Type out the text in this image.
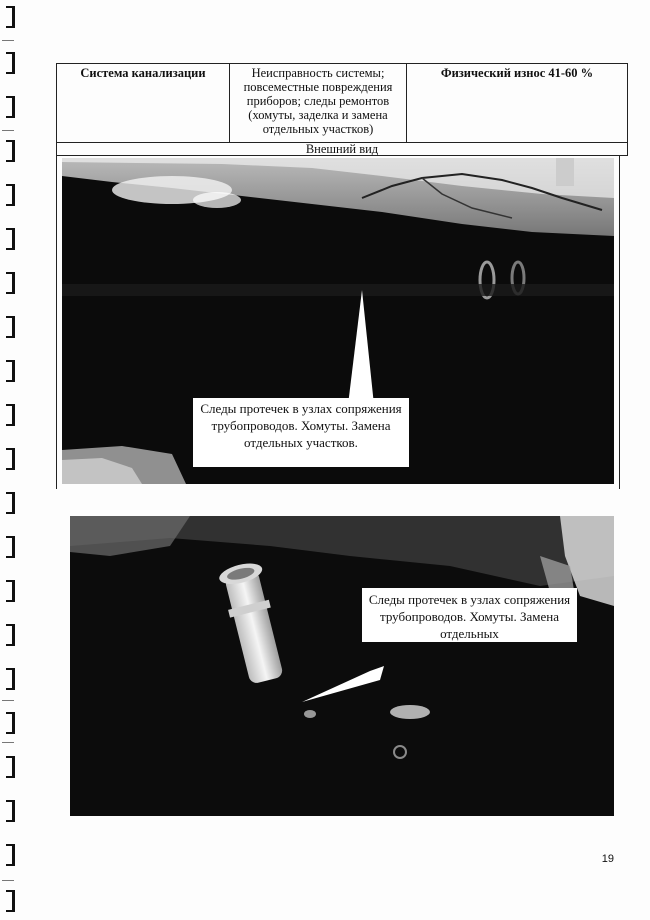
Система канализации	Неисправность системы; повсеместные повреждения приборов; следы ремонтов (хомуты, заделка и замена отдельных участков)	Физический износ 41-60 %
Внешний вид
Следы протечек в узлах сопряжения трубопроводов. Хомуты. Замена отдельных участков.
Следы протечек в узлах сопряжения трубопроводов. Хомуты. Замена отдельных
19
